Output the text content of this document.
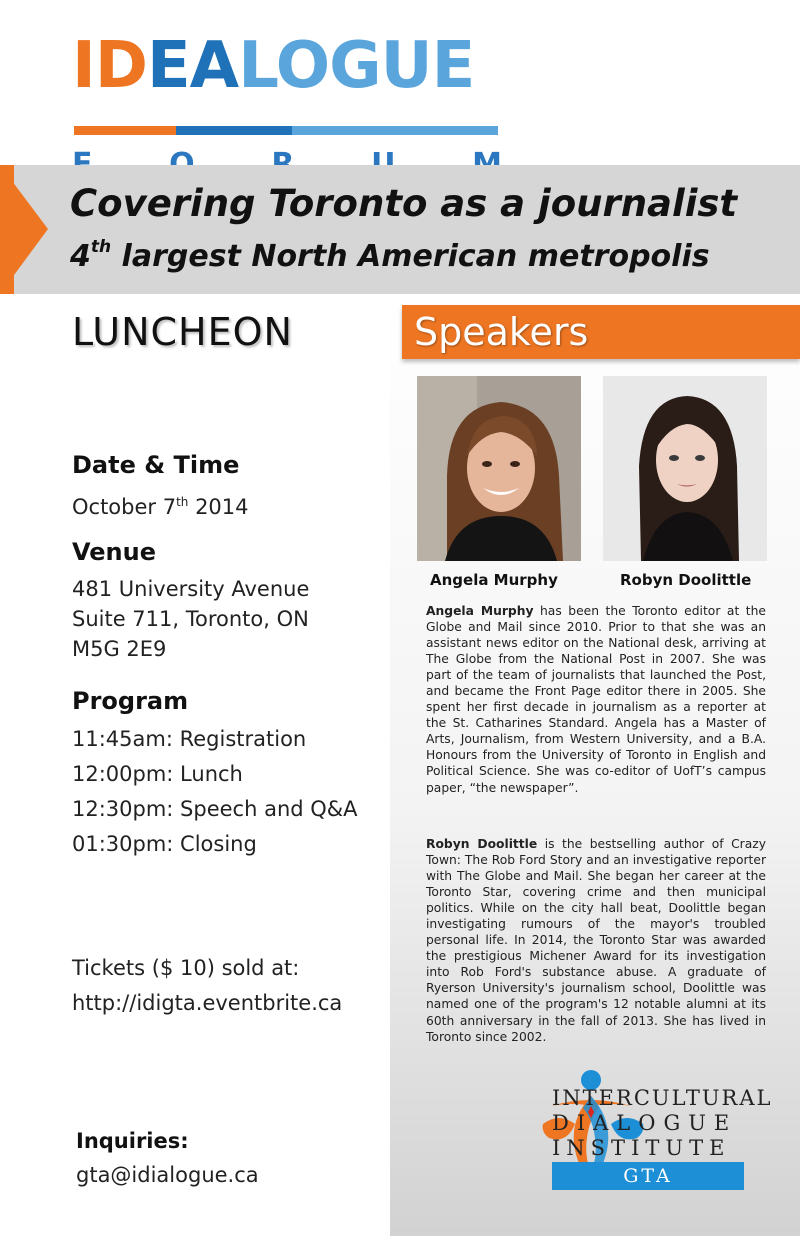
IDEALOGUE
Covering Toronto as a journalist
4th largest North American metropolis
LUNCHEON
Date & Time
October 7th 2014
Venue
481 University Avenue
Suite 711, Toronto, ON
M5G 2E9
Program
11:45am: Registration
12:00pm: Lunch
12:30pm: Speech and Q&A
01:30pm: Closing
Tickets ($ 10) sold at:
http://idigta.eventbrite.ca
Inquiries:
gta@idialogue.ca
Speakers
Angela Murphy	Robyn Doolittle
Angela Murphy has been the Toronto editor at the Globe and Mail since 2010. Prior to that she was an assistant news editor on the National desk, arriving at The Globe from the National Post in 2007. She was part of the team of journalists that launched the Post, and became the Front Page editor there in 2005. She spent her first decade in journalism as a reporter at the St. Catharines Standard. Angela has a Master of Arts, Journalism, from Western University, and a B.A. Honours from the University of Toronto in English and Political Science. She was co-editor of UofT’s campus paper, “the newspaper”.
Robyn Doolittle is the bestselling author of Crazy Town: The Rob Ford Story and an investigative reporter with The Globe and Mail. She began her career at the Toronto Star, covering crime and then municipal politics. While on the city hall beat, Doolittle began investigating rumours of the mayor's troubled personal life. In 2014, the Toronto Star was awarded the prestigious Michener Award for its investigation into Rob Ford's substance abuse. A graduate of Ryerson University's journalism school, Doolittle was named one of the program's 12 notable alumni at its 60th anniversary in the fall of 2013. She has lived in Toronto since 2002.
INTERCULTURAL
DIALOGUE
INSTITUTE
GTA
